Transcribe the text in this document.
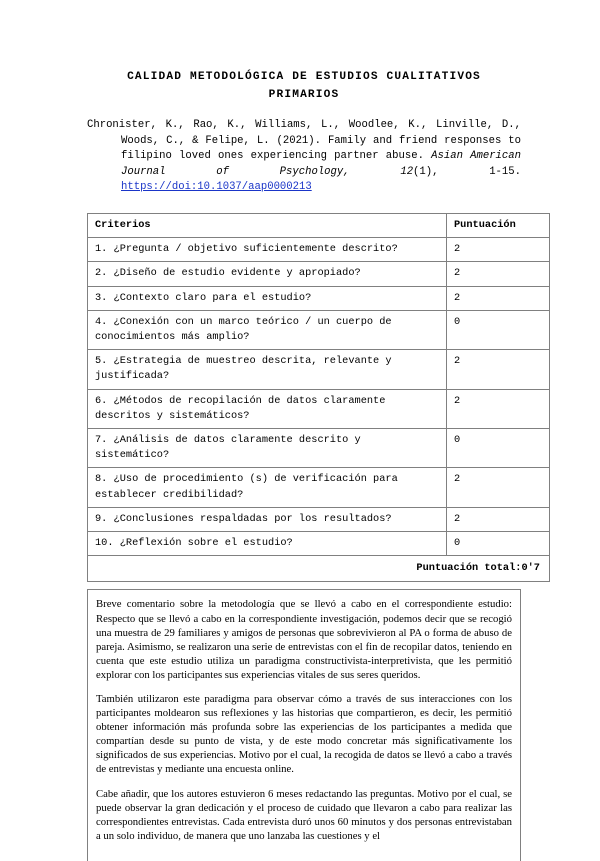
CALIDAD METODOLÓGICA DE ESTUDIOS CUALITATIVOS
PRIMARIOS

Chronister, K., Rao, K., Williams, L., Woodlee, K., Linville, D., Woods, C., & Felipe, L. (2021). Family and friend responses to filipino loved ones experiencing partner abuse. Asian American Journal of Psychology, 12(1), 1-15. https://doi:10.1037/aap0000213

Criterios	Puntuación
1. ¿Pregunta / objetivo suficientemente descrito?	2
2. ¿Diseño de estudio evidente y apropiado?	2
3. ¿Contexto claro para el estudio?	2
4. ¿Conexión con un marco teórico / un cuerpo de conocimientos más amplio?	0
5. ¿Estrategia de muestreo descrita, relevante y justificada?	2
6. ¿Métodos de recopilación de datos claramente descritos y sistemáticos?	2
7. ¿Análisis de datos claramente descrito y sistemático?	0
8. ¿Uso de procedimiento (s) de verificación para establecer credibilidad?	2
9. ¿Conclusiones respaldadas por los resultados?	2
10. ¿Reflexión sobre el estudio?	0
Puntuación total:0'7	

Breve comentario sobre la metodología que se llevó a cabo en el correspondiente estudio: Respecto que se llevó a cabo en la correspondiente investigación, podemos decir que se recogió una muestra de 29 familiares y amigos de personas que sobrevivieron al PA o forma de abuso de pareja. Asimismo, se realizaron una serie de entrevistas con el fin de recopilar datos, teniendo en cuenta que este estudio utiliza un paradigma constructivista-interpretivista, que les permitió explorar con los participantes sus experiencias vitales de sus seres queridos.

También utilizaron este paradigma para observar cómo a través de sus interacciones con los participantes moldearon sus reflexiones y las historias que compartieron, es decir, les permitió obtener información más profunda sobre las experiencias de los participantes a medida que compartían desde su punto de vista, y de este modo concretar más significativamente los significados de sus experiencias. Motivo por el cual, la recogida de datos se llevó a cabo a través de entrevistas y mediante una encuesta online.

Cabe añadir, que los autores estuvieron 6 meses redactando las preguntas. Motivo por el cual, se puede observar la gran dedicación y el proceso de cuidado que llevaron a cabo para realizar las correspondientes entrevistas. Cada entrevista duró unos 60 minutos y dos personas entrevistaban a un solo individuo, de manera que uno lanzaba las cuestiones y el
